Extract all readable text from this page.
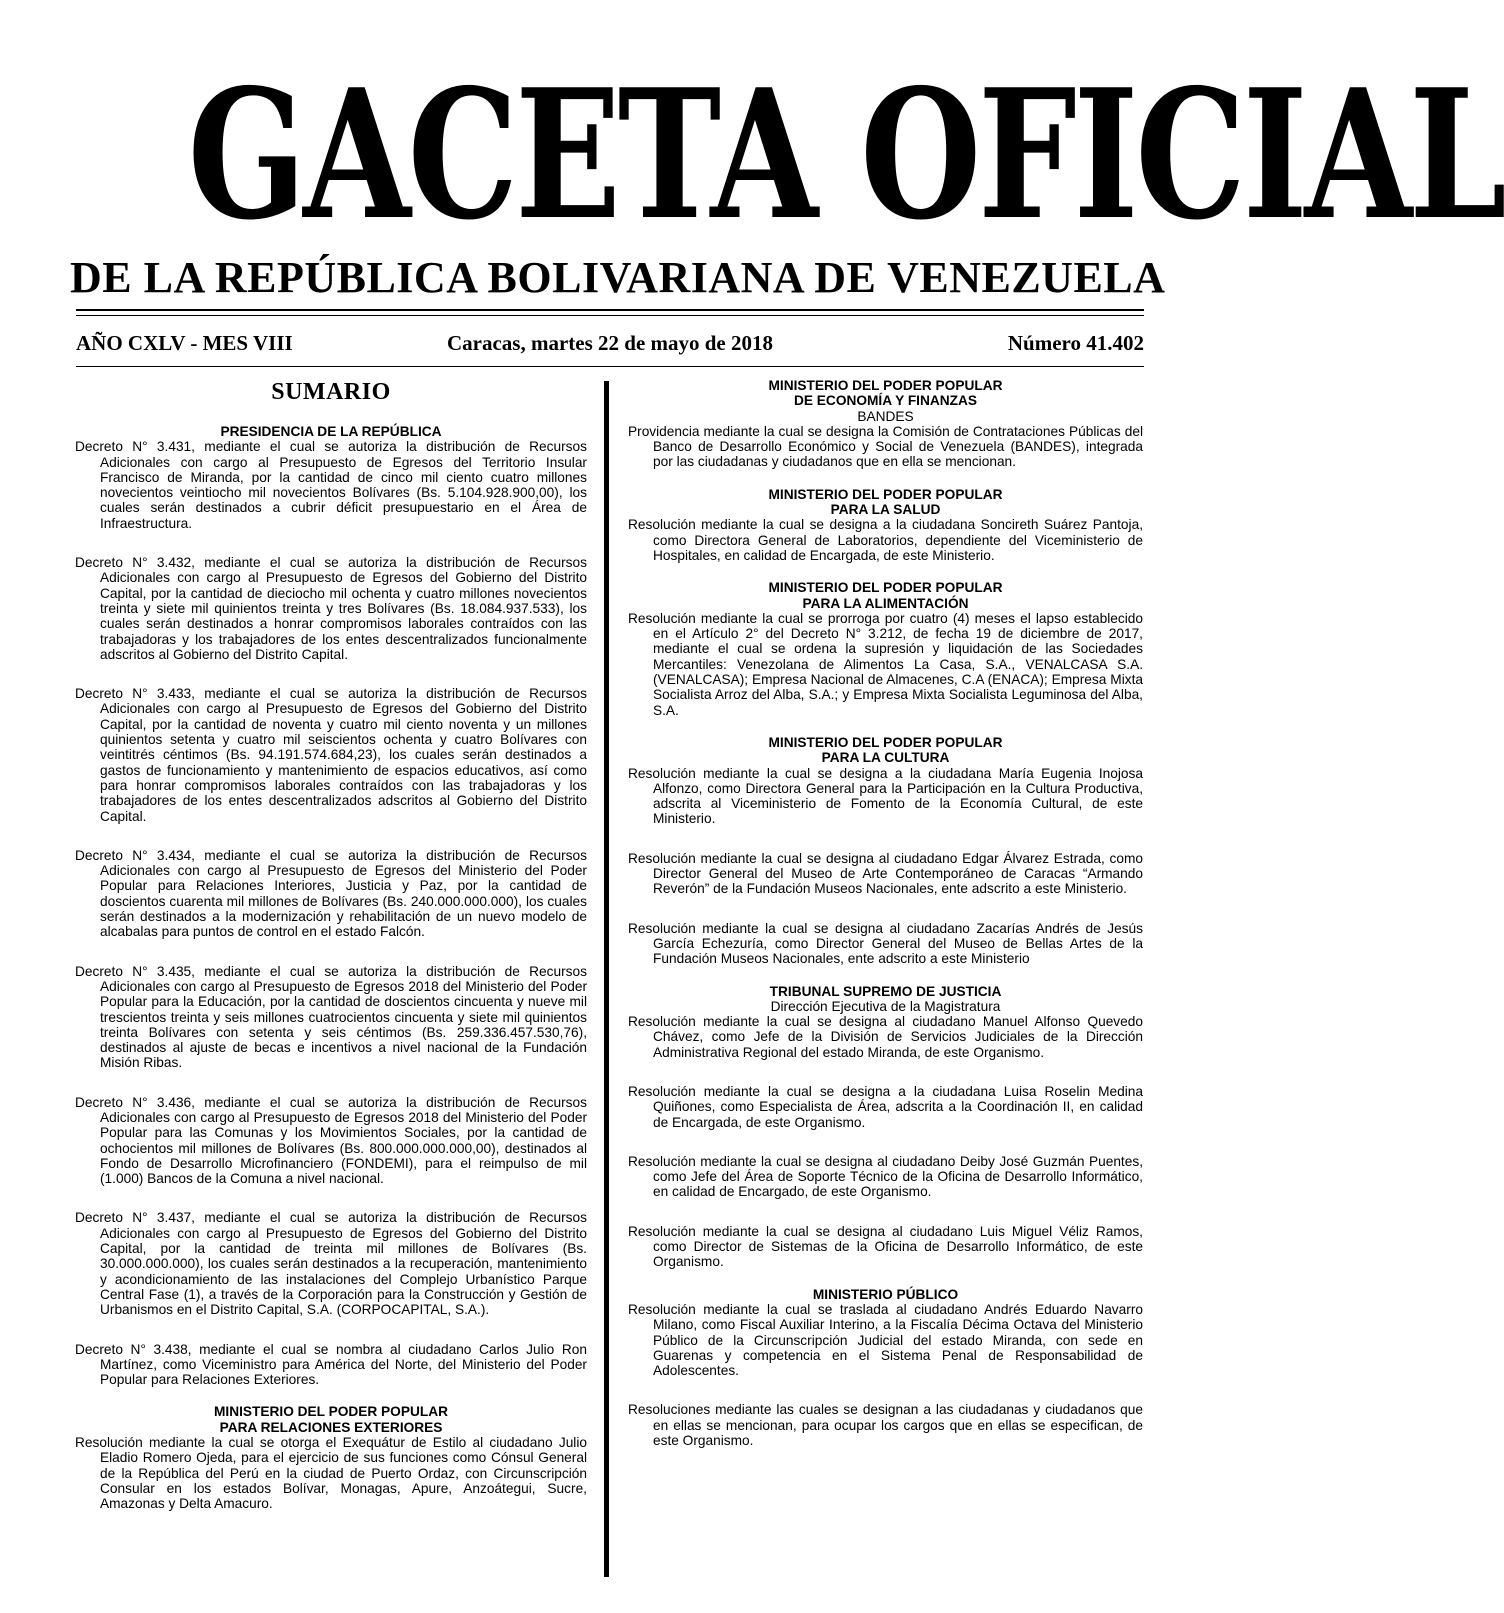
GACETA OFICIAL
DE LA REPÚBLICA BOLIVARIANA DE VENEZUELA
Caracas, martes 22 de mayo de 2018
AÑO CXLV - MES VIII	Número 41.402
SUMARIO

PRESIDENCIA DE LA REPÚBLICA

Decreto N° 3.431, mediante el cual se autoriza la distribución de Recursos Adicionales con cargo al Presupuesto de Egresos del Territorio Insular Francisco de Miranda, por la cantidad de cinco mil ciento cuatro millones novecientos veintiocho mil novecientos Bolívares (Bs. 5.104.928.900,00), los cuales serán destinados a cubrir déficit presupuestario en el Área de Infraestructura.

Decreto N° 3.432, mediante el cual se autoriza la distribución de Recursos Adicionales con cargo al Presupuesto de Egresos del Gobierno del Distrito Capital, por la cantidad de dieciocho mil ochenta y cuatro millones novecientos treinta y siete mil quinientos treinta y tres Bolívares (Bs. 18.084.937.533), los cuales serán destinados a honrar compromisos laborales contraídos con las trabajadoras y los trabajadores de los entes descentralizados funcionalmente adscritos al Gobierno del Distrito Capital.

Decreto N° 3.433, mediante el cual se autoriza la distribución de Recursos Adicionales con cargo al Presupuesto de Egresos del Gobierno del Distrito Capital, por la cantidad de noventa y cuatro mil ciento noventa y un millones quinientos setenta y cuatro mil seiscientos ochenta y cuatro Bolívares con veintitrés céntimos (Bs. 94.191.574.684,23), los cuales serán destinados a gastos de funcionamiento y mantenimiento de espacios educativos, así como para honrar compromisos laborales contraídos con las trabajadoras y los trabajadores de los entes descentralizados adscritos al Gobierno del Distrito Capital.

Decreto N° 3.434, mediante el cual se autoriza la distribución de Recursos Adicionales con cargo al Presupuesto de Egresos del Ministerio del Poder Popular para Relaciones Interiores, Justicia y Paz, por la cantidad de doscientos cuarenta mil millones de Bolívares (Bs. 240.000.000.000), los cuales serán destinados a la modernización y rehabilitación de un nuevo modelo de alcabalas para puntos de control en el estado Falcón.

Decreto N° 3.435, mediante el cual se autoriza la distribución de Recursos Adicionales con cargo al Presupuesto de Egresos 2018 del Ministerio del Poder Popular para la Educación, por la cantidad de doscientos cincuenta y nueve mil trescientos treinta y seis millones cuatrocientos cincuenta y siete mil quinientos treinta Bolívares con setenta y seis céntimos (Bs. 259.336.457.530,76), destinados al ajuste de becas e incentivos a nivel nacional de la Fundación Misión Ribas.

Decreto N° 3.436, mediante el cual se autoriza la distribución de Recursos Adicionales con cargo al Presupuesto de Egresos 2018 del Ministerio del Poder Popular para las Comunas y los Movimientos Sociales, por la cantidad de ochocientos mil millones de Bolívares (Bs. 800.000.000.000,00), destinados al Fondo de Desarrollo Microfinanciero (FONDEMI), para el reimpulso de mil (1.000) Bancos de la Comuna a nivel nacional.

Decreto N° 3.437, mediante el cual se autoriza la distribución de Recursos Adicionales con cargo al Presupuesto de Egresos del Gobierno del Distrito Capital, por la cantidad de treinta mil millones de Bolívares (Bs. 30.000.000.000), los cuales serán destinados a la recuperación, mantenimiento y acondicionamiento de las instalaciones del Complejo Urbanístico Parque Central Fase (1), a través de la Corporación para la Construcción y Gestión de Urbanismos en el Distrito Capital, S.A. (CORPOCAPITAL, S.A.).

Decreto N° 3.438, mediante el cual se nombra al ciudadano Carlos Julio Ron Martínez, como Viceministro para América del Norte, del Ministerio del Poder Popular para Relaciones Exteriores.

MINISTERIO DEL PODER POPULAR

PARA RELACIONES EXTERIORES

Resolución mediante la cual se otorga el Exequátur de Estilo al ciudadano Julio Eladio Romero Ojeda, para el ejercicio de sus funciones como Cónsul General de la República del Perú en la ciudad de Puerto Ordaz, con Circunscripción Consular en los estados Bolívar, Monagas, Apure, Anzoátegui, Sucre, Amazonas y Delta Amacuro.

MINISTERIO DEL PODER POPULAR

DE ECONOMÍA Y FINANZAS

BANDES

Providencia mediante la cual se designa la Comisión de Contrataciones Públicas del Banco de Desarrollo Económico y Social de Venezuela (BANDES), integrada por las ciudadanas y ciudadanos que en ella se mencionan.

MINISTERIO DEL PODER POPULAR

PARA LA SALUD

Resolución mediante la cual se designa a la ciudadana Soncireth Suárez Pantoja, como Directora General de Laboratorios, dependiente del Viceministerio de Hospitales, en calidad de Encargada, de este Ministerio.

MINISTERIO DEL PODER POPULAR

PARA LA ALIMENTACIÓN

Resolución mediante la cual se prorroga por cuatro (4) meses el lapso establecido en el Artículo 2° del Decreto N° 3.212, de fecha 19 de diciembre de 2017, mediante el cual se ordena la supresión y liquidación de las Sociedades Mercantiles: Venezolana de Alimentos La Casa, S.A., VENALCASA S.A. (VENALCASA); Empresa Nacional de Almacenes, C.A (ENACA); Empresa Mixta Socialista Arroz del Alba, S.A.; y Empresa Mixta Socialista Leguminosa del Alba, S.A.

MINISTERIO DEL PODER POPULAR

PARA LA CULTURA

Resolución mediante la cual se designa a la ciudadana María Eugenia Inojosa Alfonzo, como Directora General para la Participación en la Cultura Productiva, adscrita al Viceministerio de Fomento de la Economía Cultural, de este Ministerio.

Resolución mediante la cual se designa al ciudadano Edgar Álvarez Estrada, como Director General del Museo de Arte Contemporáneo de Caracas “Armando Reverón” de la Fundación Museos Nacionales, ente adscrito a este Ministerio.

Resolución mediante la cual se designa al ciudadano Zacarías Andrés de Jesús García Echezuría, como Director General del Museo de Bellas Artes de la Fundación Museos Nacionales, ente adscrito a este Ministerio

TRIBUNAL SUPREMO DE JUSTICIA

Dirección Ejecutiva de la Magistratura

Resolución mediante la cual se designa al ciudadano Manuel Alfonso Quevedo Chávez, como Jefe de la División de Servicios Judiciales de la Dirección Administrativa Regional del estado Miranda, de este Organismo.

Resolución mediante la cual se designa a la ciudadana Luisa Roselin Medina Quiñones, como Especialista de Área, adscrita a la Coordinación II, en calidad de Encargada, de este Organismo.

Resolución mediante la cual se designa al ciudadano Deiby José Guzmán Puentes, como Jefe del Área de Soporte Técnico de la Oficina de Desarrollo Informático, en calidad de Encargado, de este Organismo.

Resolución mediante la cual se designa al ciudadano Luis Miguel Véliz Ramos, como Director de Sistemas de la Oficina de Desarrollo Informático, de este Organismo.

MINISTERIO PÚBLICO

Resolución mediante la cual se traslada al ciudadano Andrés Eduardo Navarro Milano, como Fiscal Auxiliar Interino, a la Fiscalía Décima Octava del Ministerio Público de la Circunscripción Judicial del estado Miranda, con sede en Guarenas y competencia en el Sistema Penal de Responsabilidad de Adolescentes.

Resoluciones mediante las cuales se designan a las ciudadanas y ciudadanos que en ellas se mencionan, para ocupar los cargos que en ellas se especifican, de este Organismo.
